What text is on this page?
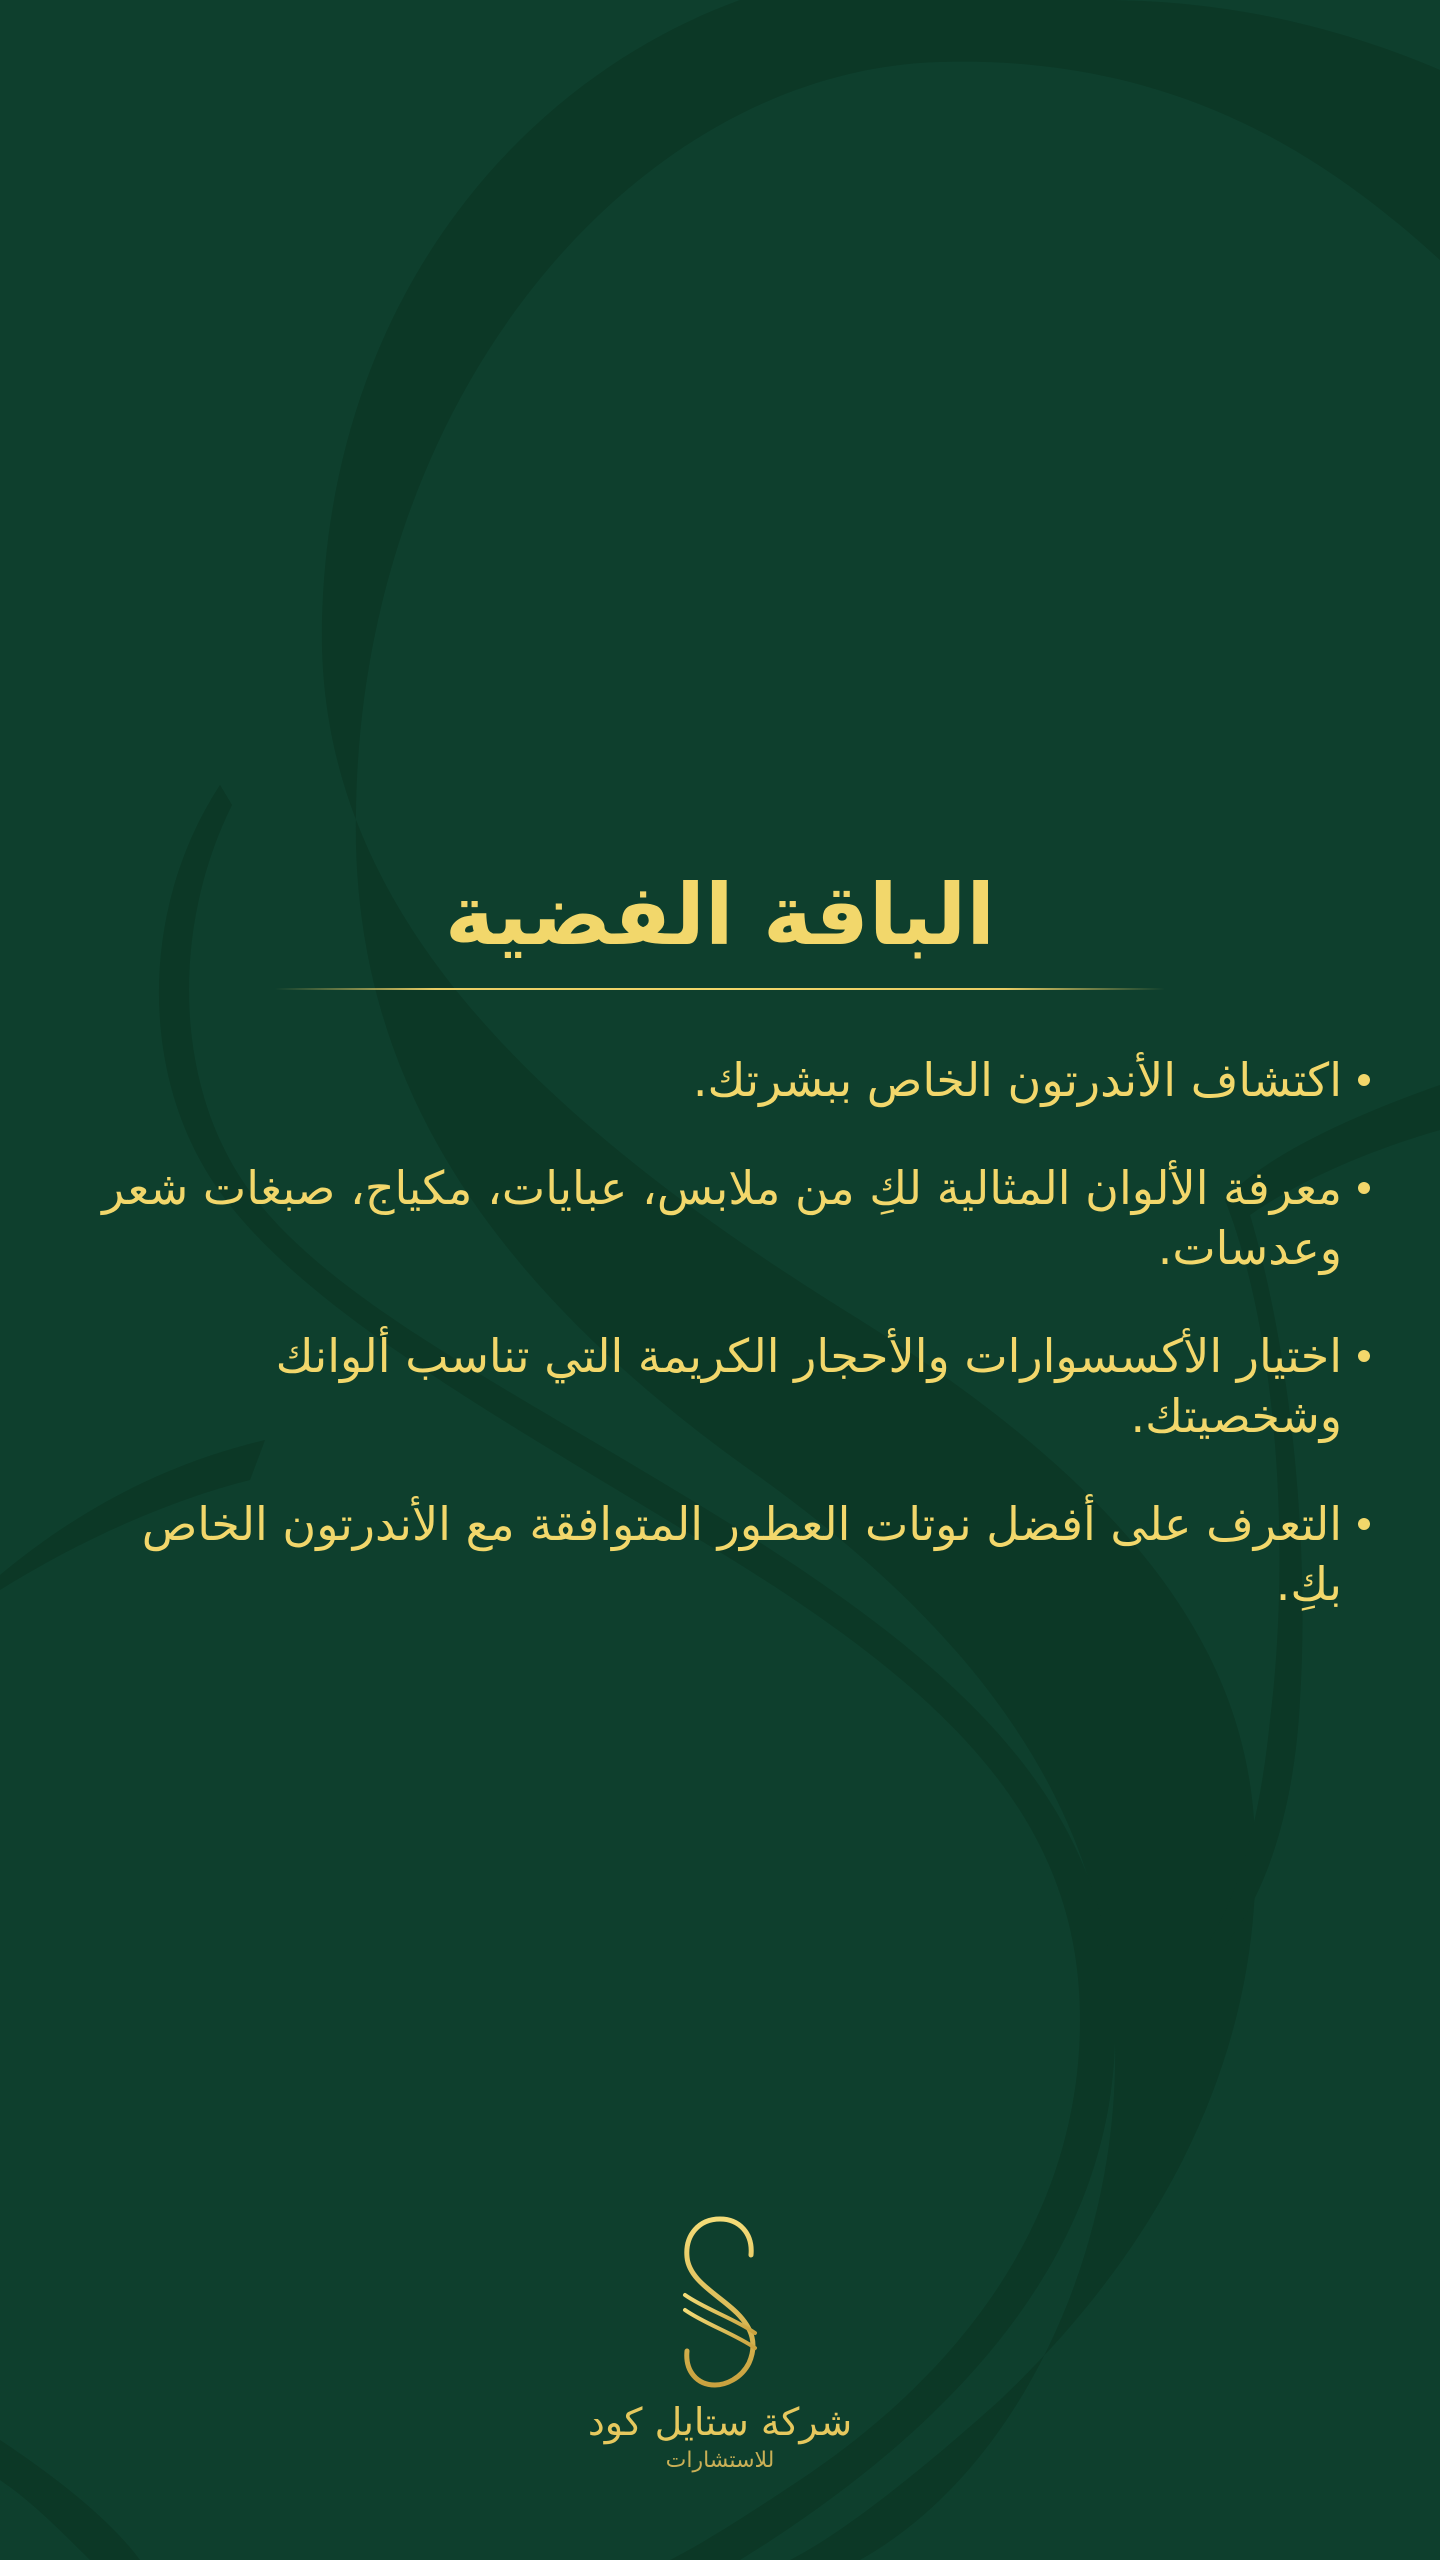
الباقة الفضية
اكتشاف الأندرتون الخاص ببشرتك.
معرفة الألوان المثالية لكِ من ملابس، عبايات، مكياج، صبغات شعر وعدسات.
اختيار الأكسسوارات والأحجار الكريمة التي تناسب ألوانك وشخصيتك.
التعرف على أفضل نوتات العطور المتوافقة مع الأندرتون الخاص بكِ.
شركة ستايل كود
للاستشارات
